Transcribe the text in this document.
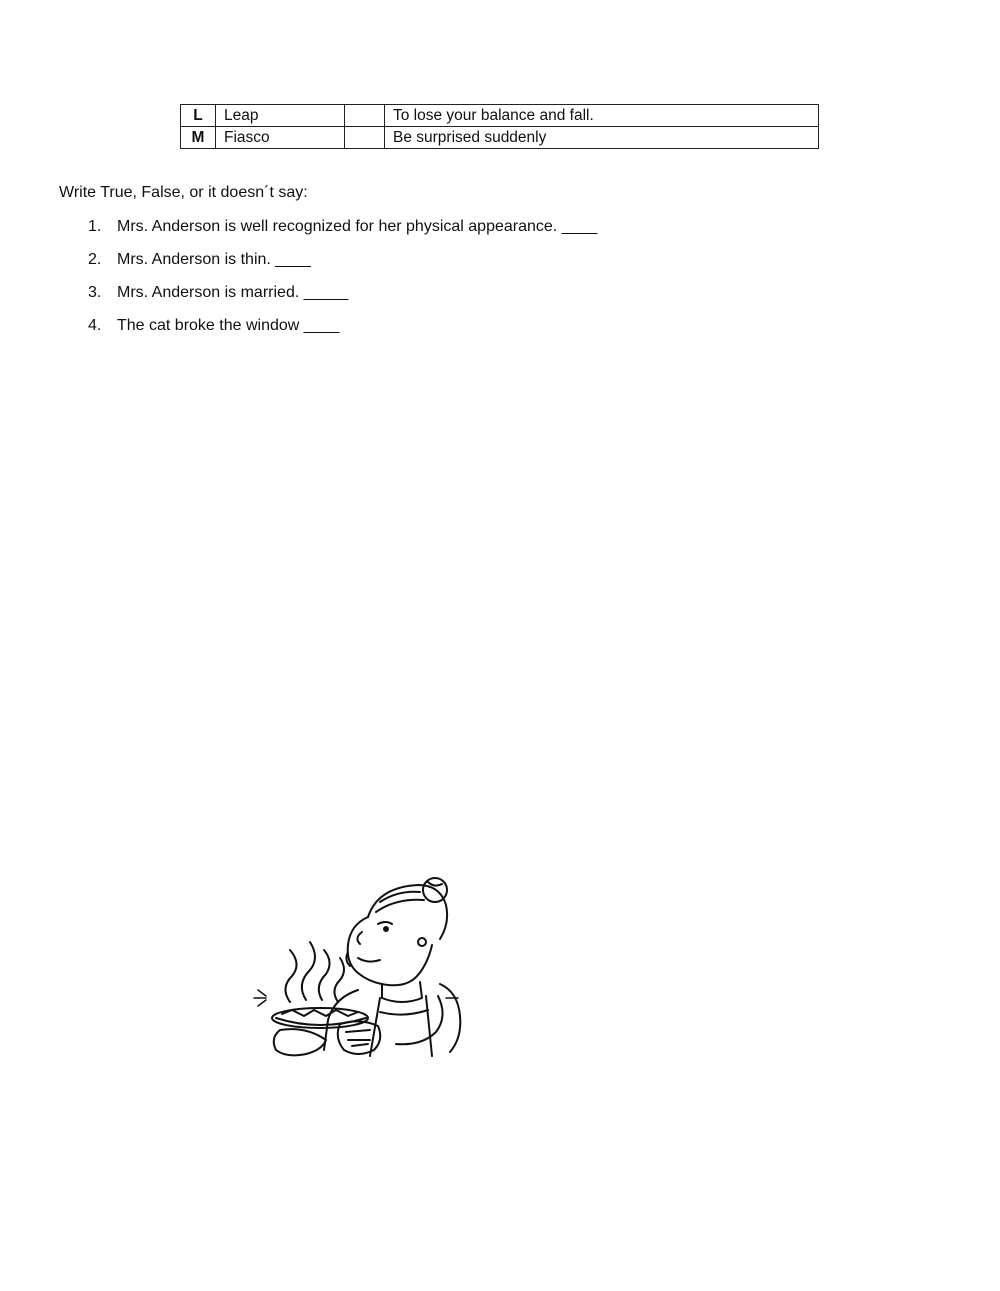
L	Leap		To lose your balance and fall.
M	Fiasco		Be surprised suddenly

Write True, False, or it doesn´t say:

1. Mrs. Anderson is well recognized for her physical appearance. ____
2. Mrs. Anderson is thin. ____
3. Mrs. Anderson is married. _____
4. The cat broke the window ____
